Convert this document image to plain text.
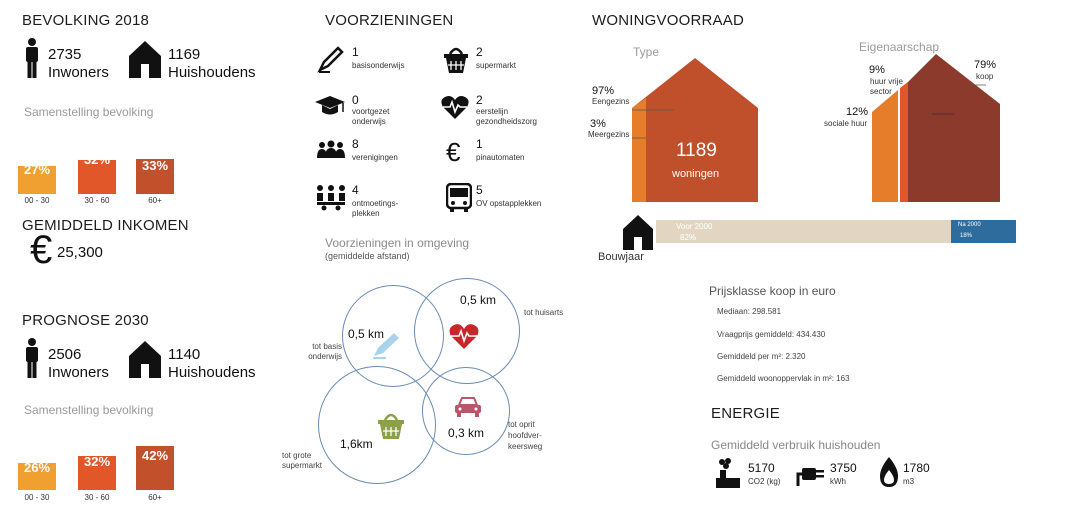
BEVOLKING 2018
2735
Inwoners
1169
Huishoudens
Samenstelling bevolking
27%
32%	33%
00 - 30	30 - 60	60+
GEMIDDELD INKOMEN
€ 25,300
PROGNOSE 2030
2506
Inwoners
1140
Huishoudens
Samenstelling bevolking
26%	32%	42%
00 - 30	30 - 60	60+
VOORZIENINGEN
1
basisonderwijs
2
supermarkt
0
voortgezet
onderwijs
2
eerstelijn
gezondheidszorg
8
verenigingen € 1
pinautomaten
4
ontmoetings-
plekken
5
OV opstapplekken
Voorzieningen in omgeving
(gemiddelde afstand)
0,5 km
tot basis
onderwijs
0,5 km
tot huisarts
1,6km
tot grote
supermarkt
0,3 km
tot oprit
hoofdver-
keersweg
WONINGVOORRAAD
Type
97%
Eengezins
3%
Meergezins
1189
woningen
Eigenaarschap
9%
huur vrije
sector
79%
koop
12%
sociale huur
Bouwjaar
Voor 2000
82%
Na 2000
18%
Prijsklasse koop in euro
Mediaan: 298.581
Vraagprijs gemiddeld: 434.430
Gemiddeld per m²: 2.320
Gemiddeld woonoppervlak in m²: 163
ENERGIE
Gemiddeld verbruik huishouden
5170
CO2 (kg)
3750
kWh
1780
m3
